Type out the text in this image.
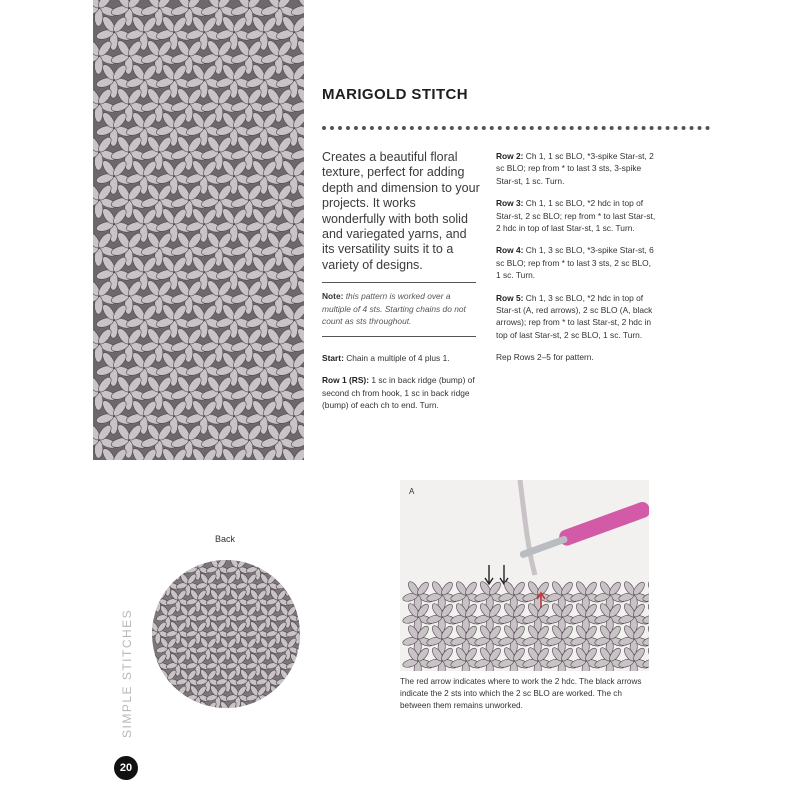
MARIGOLD STITCH
Creates a beautiful floral texture, perfect for adding depth and dimension to your projects. It works wonderfully with both solid and variegated yarns, and its versatility suits it to a variety of designs.
Note: this pattern is worked over a multiple of 4 sts. Starting chains do not count as sts throughout.

Start: Chain a multiple of 4 plus 1.

Row 1 (RS): 1 sc in back ridge (bump) of second ch from hook, 1 sc in back ridge (bump) of each ch to end. Turn.

Row 2: Ch 1, 1 sc BLO, *3-spike Star-st, 2 sc BLO; rep from * to last 3 sts, 3-spike Star-st, 1 sc. Turn.

Row 3: Ch 1, 1 sc BLO, *2 hdc in top of Star-st, 2 sc BLO; rep from * to last Star-st, 2 hdc in top of last Star-st, 1 sc. Turn.

Row 4: Ch 1, 3 sc BLO, *3-spike Star-st, 6 sc BLO; rep from * to last 3 sts, 2 sc BLO, 1 sc. Turn.

Row 5: Ch 1, 3 sc BLO, *2 hdc in top of Star-st (A, red arrows), 2 sc BLO (A, black arrows); rep from * to last Star-st, 2 hdc in top of last Star-st, 2 sc BLO, 1 sc. Turn.

Rep Rows 2–5 for pattern.

Back
A
The red arrow indicates where to work the 2 hdc. The black arrows indicate the 2 sts into which the 2 sc BLO are worked. The ch between them remains unworked.
SIMPLE STITCHES
20
